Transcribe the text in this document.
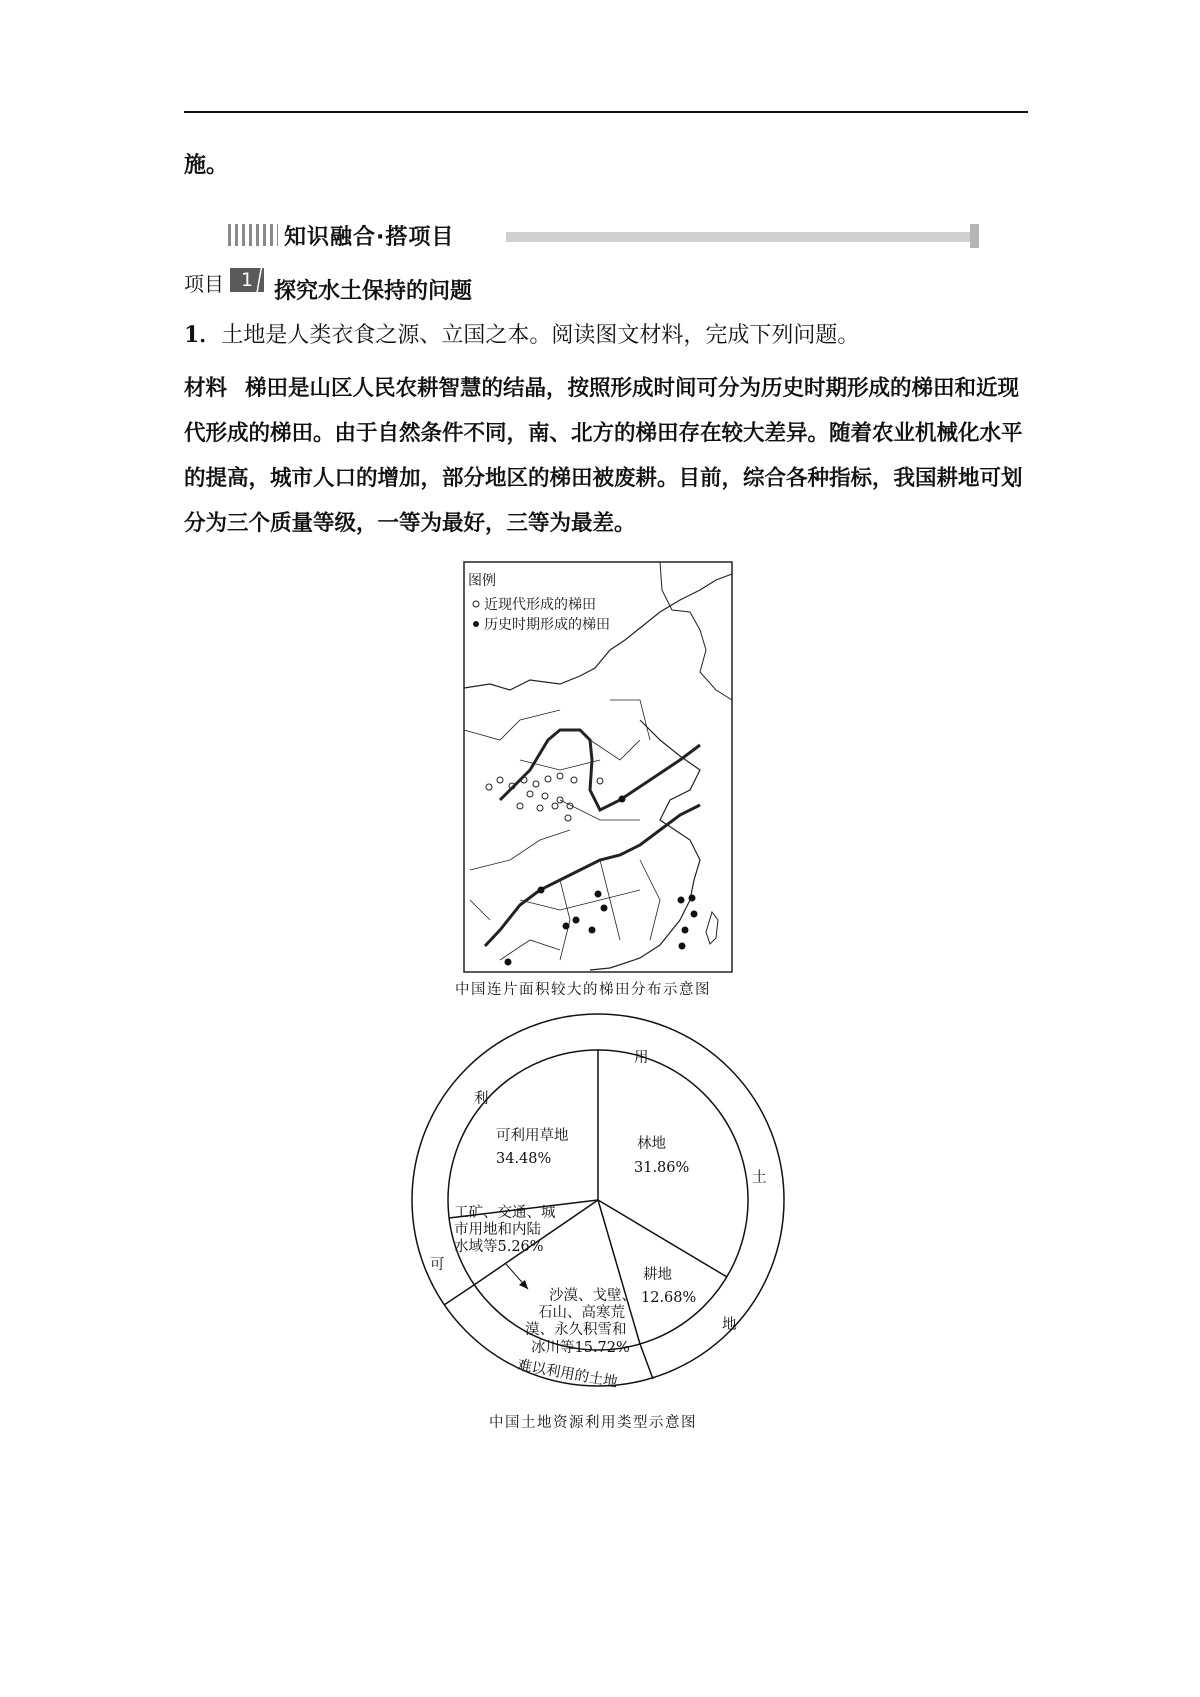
施。
知识融合·搭项目
项目 1 探究水土保持的问题
1．土地是人类衣食之源、立国之本。阅读图文材料，完成下列问题。
材料 梯田是山区人民农耕智慧的结晶，按照形成时间可分为历史时期形成的梯田和近现代形成的梯田。由于自然条件不同，南、北方的梯田存在较大差异。随着农业机械化水平的提高，城市人口的增加，部分地区的梯田被废耕。目前，综合各种指标，我国耕地可划分为三个质量等级，一等为最好，三等为最差。
图例
近现代形成的梯田
历史时期形成的梯田
林地
31.86%
耕地
12.68%
沙漠、戈壁、
石山、高寒荒
漠、永久积雪和
冰川等15.72%
工矿、交通、城
市用地和内陆
水域等5.26%
可利用草地
34.48%
难以利用的土地
可
利
用
土
地
中国连片面积较大的梯田分布示意图
中国土地资源利用类型示意图
